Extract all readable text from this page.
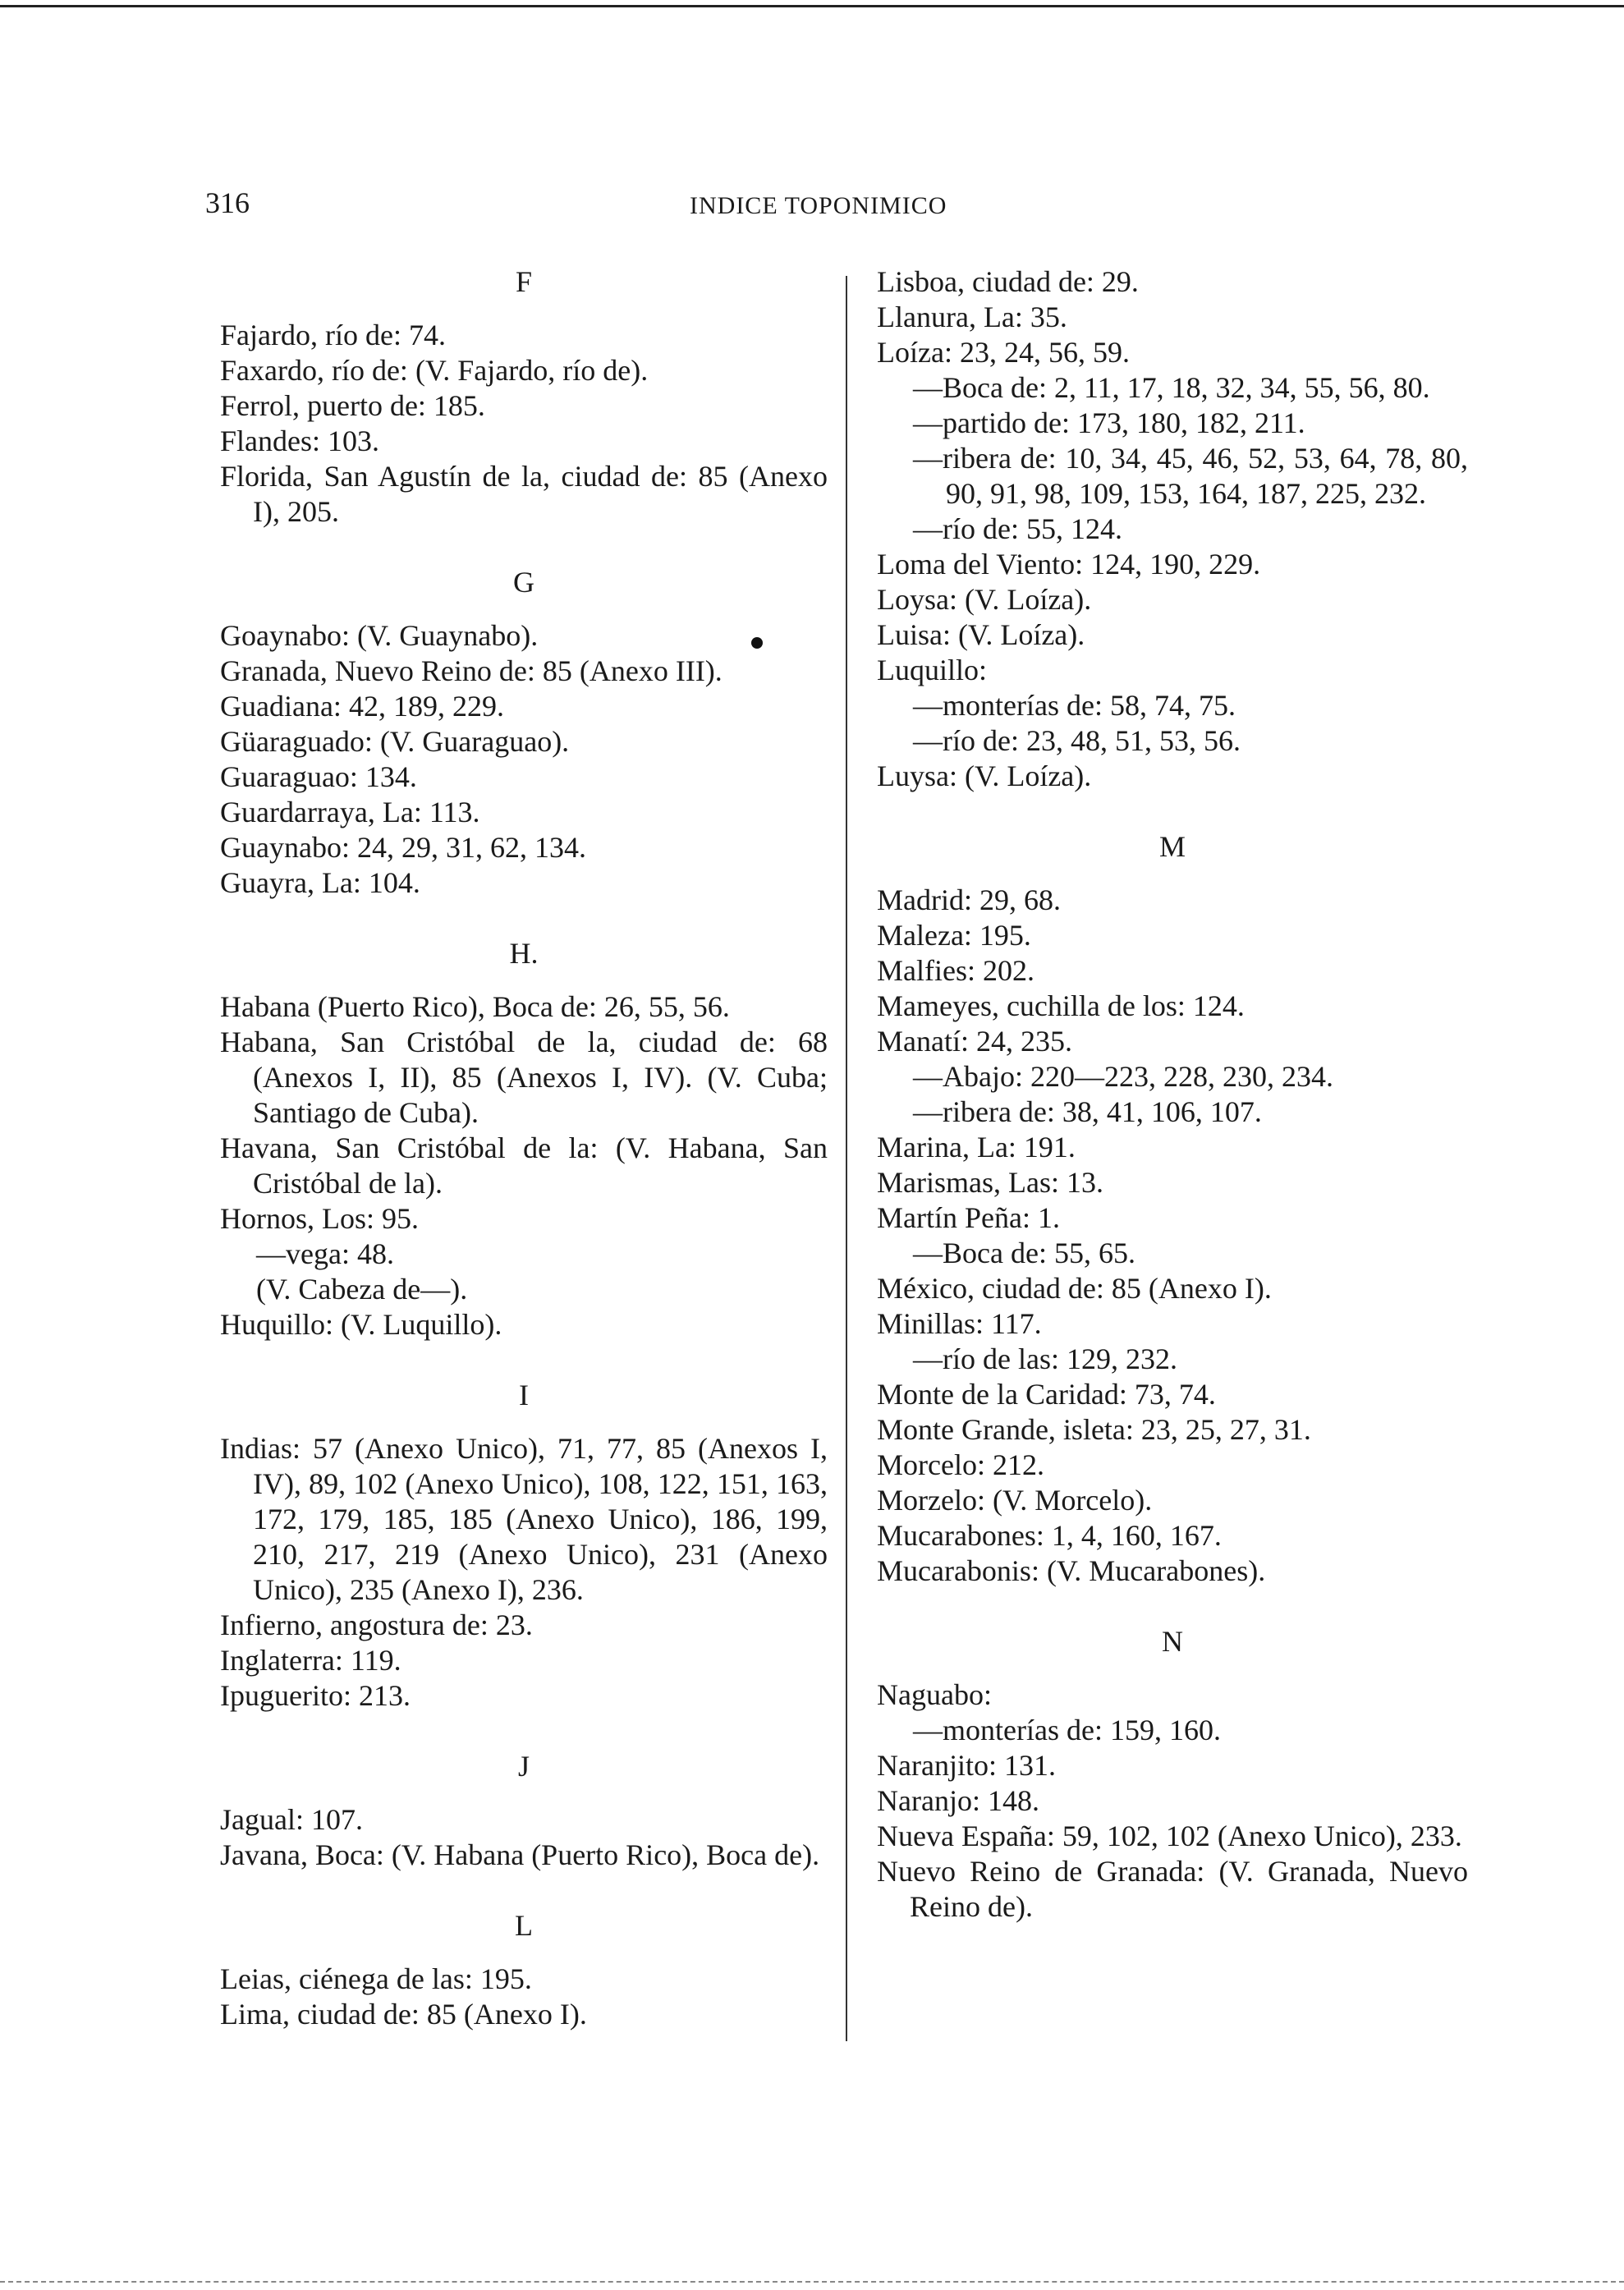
316	INDICE TOPONIMICO
F
Fajardo, río de: 74.
Faxardo, río de: (V. Fajardo, río de).
Ferrol, puerto de: 185.
Flandes: 103.
Florida, San Agustín de la, ciudad de: 85 (Anexo I), 205.
G
Goaynabo: (V. Guaynabo).
Granada, Nuevo Reino de: 85 (Anexo III).
Guadiana: 42, 189, 229.
Güaraguado: (V. Guaraguao).
Guaraguao: 134.
Guardarraya, La: 113.
Guaynabo: 24, 29, 31, 62, 134.
Guayra, La: 104.
H.
Habana (Puerto Rico), Boca de: 26, 55, 56.
Habana, San Cristóbal de la, ciudad de: 68 (Anexos I, II), 85 (Anexos I, IV). (V. Cuba; Santiago de Cuba).
Havana, San Cristóbal de la: (V. Habana, San Cristóbal de la).
Hornos, Los: 95.
—vega: 48.
(V. Cabeza de—).
Huquillo: (V. Luquillo).
I
Indias: 57 (Anexo Unico), 71, 77, 85 (Anexos I, IV), 89, 102 (Anexo Unico), 108, 122, 151, 163, 172, 179, 185, 185 (Anexo Unico), 186, 199, 210, 217, 219 (Anexo Unico), 231 (Anexo Unico), 235 (Anexo I), 236.
Infierno, angostura de: 23.
Inglaterra: 119.
Ipuguerito: 213.
J
Jagual: 107.
Javana, Boca: (V. Habana (Puerto Rico), Boca de).
L
Leias, ciénega de las: 195.
Lima, ciudad de: 85 (Anexo I).
Lisboa, ciudad de: 29.
Llanura, La: 35.
Loíza: 23, 24, 56, 59.
—Boca de: 2, 11, 17, 18, 32, 34, 55, 56, 80.
—partido de: 173, 180, 182, 211.
—ribera de: 10, 34, 45, 46, 52, 53, 64, 78, 80, 90, 91, 98, 109, 153, 164, 187, 225, 232.
—río de: 55, 124.
Loma del Viento: 124, 190, 229.
Loysa: (V. Loíza).
Luisa: (V. Loíza).
Luquillo:
—monterías de: 58, 74, 75.
—río de: 23, 48, 51, 53, 56.
Luysa: (V. Loíza).
M
Madrid: 29, 68.
Maleza: 195.
Malfies: 202.
Mameyes, cuchilla de los: 124.
Manatí: 24, 235.
—Abajo: 220—223, 228, 230, 234.
—ribera de: 38, 41, 106, 107.
Marina, La: 191.
Marismas, Las: 13.
Martín Peña: 1.
—Boca de: 55, 65.
México, ciudad de: 85 (Anexo I).
Minillas: 117.
—río de las: 129, 232.
Monte de la Caridad: 73, 74.
Monte Grande, isleta: 23, 25, 27, 31.
Morcelo: 212.
Morzelo: (V. Morcelo).
Mucarabones: 1, 4, 160, 167.
Mucarabonis: (V. Mucarabones).
N
Naguabo:
—monterías de: 159, 160.
Naranjito: 131.
Naranjo: 148.
Nueva España: 59, 102, 102 (Anexo Unico), 233.
Nuevo Reino de Granada: (V. Granada, Nuevo Reino de).
